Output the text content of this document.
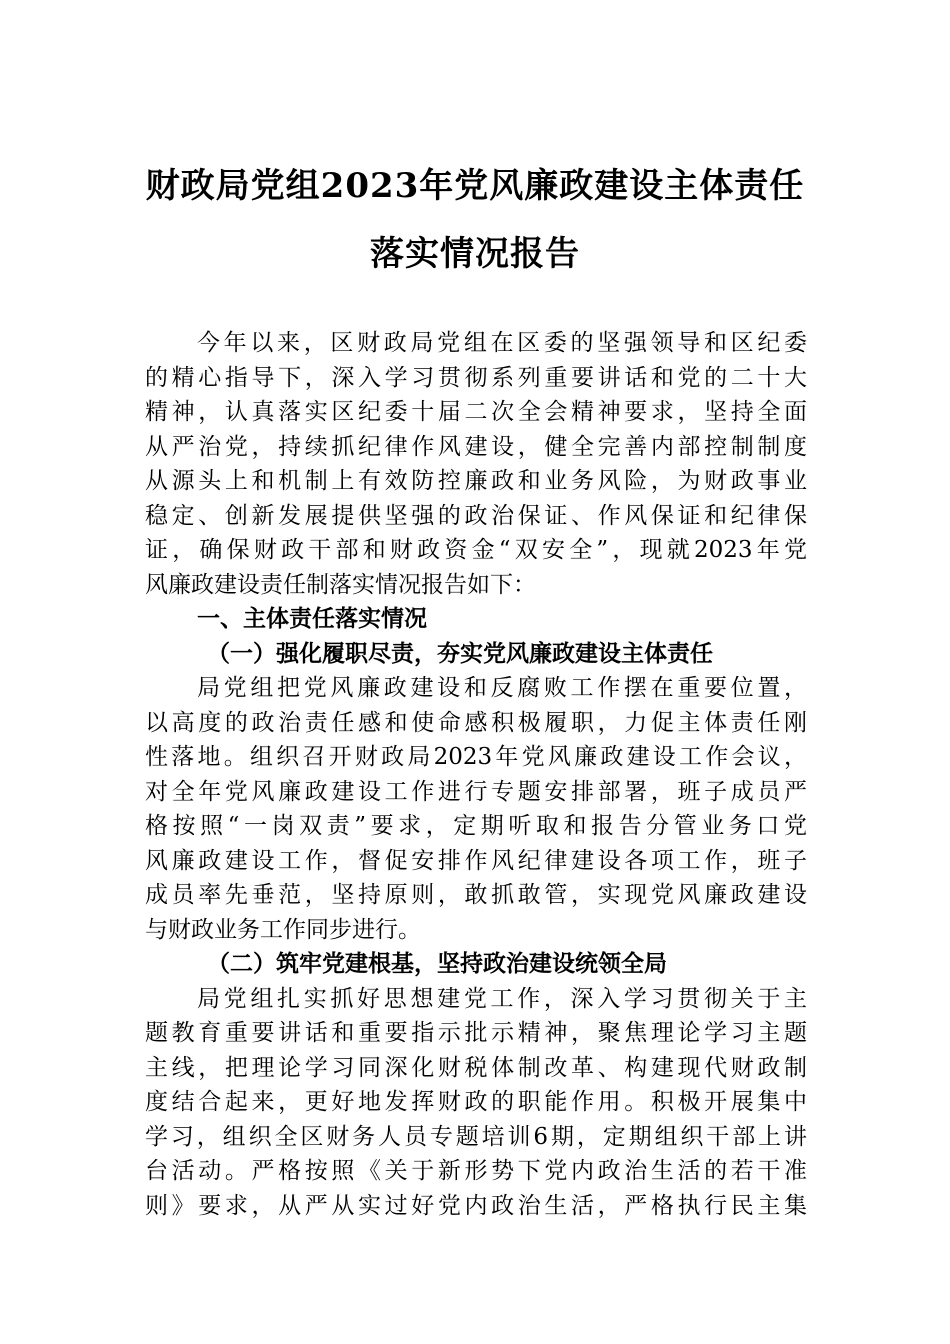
财政局党组2023年党风廉政建设主体责任
落实情况报告
今年以来，区财政局党组在区委的坚强领导和区纪委
的精心指导下，深入学习贯彻系列重要讲话和党的二十大
精神，认真落实区纪委十届二次全会精神要求，坚持全面
从严治党，持续抓纪律作风建设，健全完善内部控制制度
从源头上和机制上有效防控廉政和业务风险，为财政事业
稳定、创新发展提供坚强的政治保证、作风保证和纪律保
证，确保财政干部和财政资金“双安全”，现就2023年党
风廉政建设责任制落实情况报告如下：
一、主体责任落实情况
（一）强化履职尽责，夯实党风廉政建设主体责任
局党组把党风廉政建设和反腐败工作摆在重要位置，
以高度的政治责任感和使命感积极履职，力促主体责任刚
性落地。组织召开财政局2023年党风廉政建设工作会议，
对全年党风廉政建设工作进行专题安排部署，班子成员严
格按照“一岗双责”要求，定期听取和报告分管业务口党
风廉政建设工作，督促安排作风纪律建设各项工作，班子
成员率先垂范，坚持原则，敢抓敢管，实现党风廉政建设
与财政业务工作同步进行。
（二）筑牢党建根基，坚持政治建设统领全局
局党组扎实抓好思想建党工作，深入学习贯彻关于主
题教育重要讲话和重要指示批示精神，聚焦理论学习主题
主线，把理论学习同深化财税体制改革、构建现代财政制
度结合起来，更好地发挥财政的职能作用。积极开展集中
学习，组织全区财务人员专题培训6期，定期组织干部上讲
台活动。严格按照《关于新形势下党内政治生活的若干准
则》要求，从严从实过好党内政治生活，严格执行民主集
